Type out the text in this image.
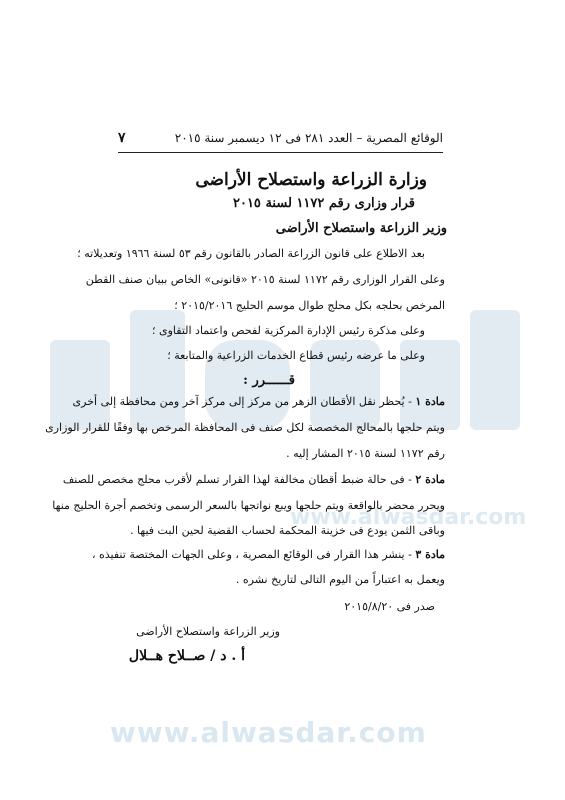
www.alwasdar.com
www.alwasdar.com
الوقائع المصرية – العدد ٢٨١ فى ١٢ ديسمبر سنة ٢٠١٥
٧
وزارة الزراعة واستصلاح الأراضى
قرار وزارى رقم ١١٧٢ لسنة ٢٠١٥
وزير الزراعة واستصلاح الأراضى
بعد الاطلاع على قانون الزراعة الصادر بالقانون رقم ٥٣ لسنة ١٩٦٦ وتعديلاته ؛
وعلى القرار الوزارى رقم ١١٧٢ لسنة ٢٠١٥ «قانونى» الخاص ببيان صنف القطن
المرخص بحلجه بكل محلج طوال موسم الحليج ٢٠١٥/٢٠١٦ ؛
وعلى مذكرة رئيس الإدارة المركزية لفحص واعتماد التقاوى ؛
وعلى ما عرضه رئيس قطاع الخدمات الزراعية والمتابعة ؛
قــــــرر :
مادة ١ - يُحظر نقل الأقطان الزهر من مركز إلى مركز آخر ومن محافظة إلى أخرى
ويتم حلجها بالمحالج المخصصة لكل صنف فى المحافظة المرخص بها وفقًا للقرار الوزارى
رقم ١١٧٢ لسنة ٢٠١٥ المشار إليه .
مادة ٢ - فى حالة ضبط أقطان مخالفة لهذا القرار تسلم لأقرب محلج مخصص للصنف
ويحرر محضر بالواقعة ويتم حلجها ويبع نواتجها بالسعر الرسمى وتخصم أجرة الحليج منها
وباقى الثمن يودع فى خزينة المحكمة لحساب القضية لحين البت فيها .
مادة ٣ - ينشر هذا القرار فى الوقائع المصرية ، وعلى الجهات المختصة تنفيذه ،
ويعمل به اعتباراً من اليوم التالى لتاريخ نشره .
صدر فى ٢٠١٥/٨/٢٠
وزير الزراعة واستصلاح الأراضى
أ . د / صــلاح هــلال
